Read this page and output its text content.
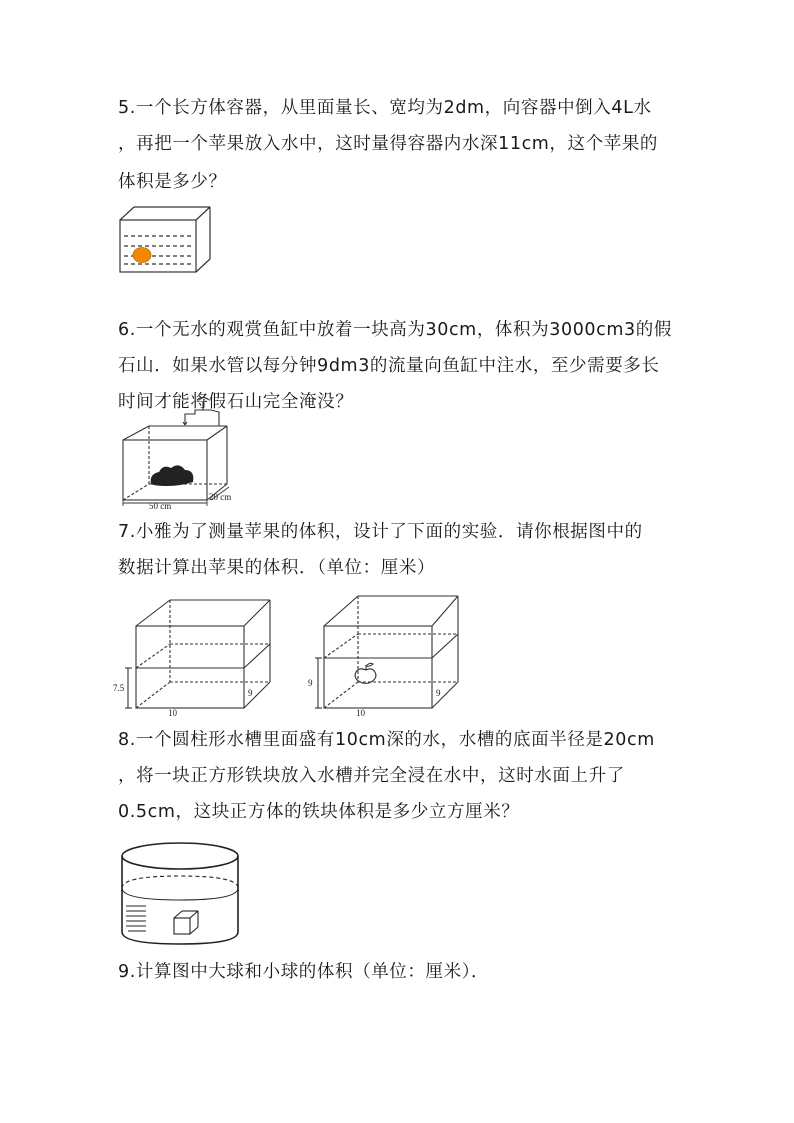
5.一个长方体容器，从里面量长、宽均为2dm，向容器中倒入4L水
，再把一个苹果放入水中，这时量得容器内水深11cm，这个苹果的
体积是多少？
6.一个无水的观赏鱼缸中放着一块高为30cm，体积为3000cm3的假
石山．如果水管以每分钟9dm3的流量向鱼缸中注水，至少需要多长
时间才能将假石山完全淹没？
50 cm
20 cm
7.小雅为了测量苹果的体积，设计了下面的实验．请你根据图中的
数据计算出苹果的体积．（单位：厘米）
7.5
10
9
9
10
9
8.一个圆柱形水槽里面盛有10cm深的水，水槽的底面半径是20cm
，将一块正方形铁块放入水槽并完全浸在水中，这时水面上升了
0.5cm，这块正方体的铁块体积是多少立方厘米？
9.计算图中大球和小球的体积（单位：厘米）．
